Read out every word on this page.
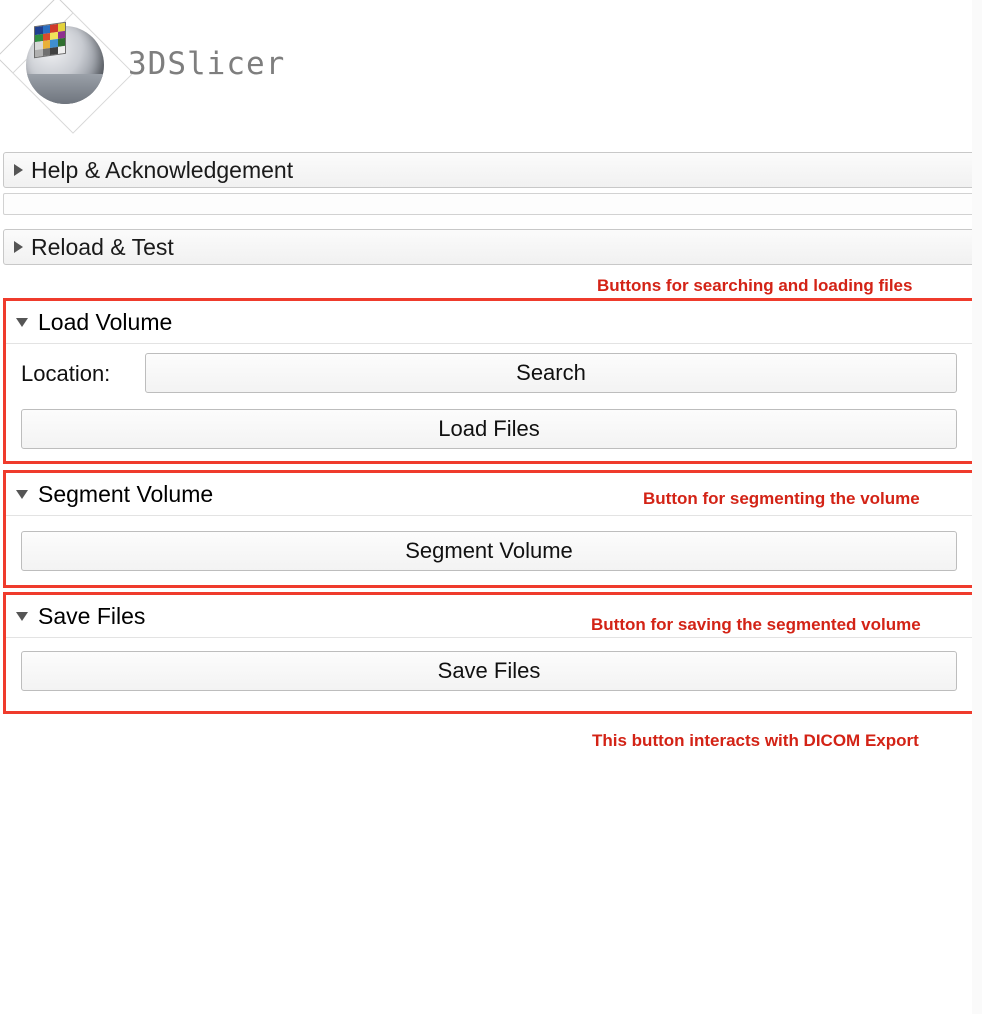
3DSlicer
Help & Acknowledgement
Reload & Test
Buttons for searching and loading files
Load Volume
Location:	Search
Load Files
Segment Volume	Button for segmenting the volume
Segment Volume
Save Files	Button for saving the segmented volume
Save Files
This button interacts with DICOM Export
